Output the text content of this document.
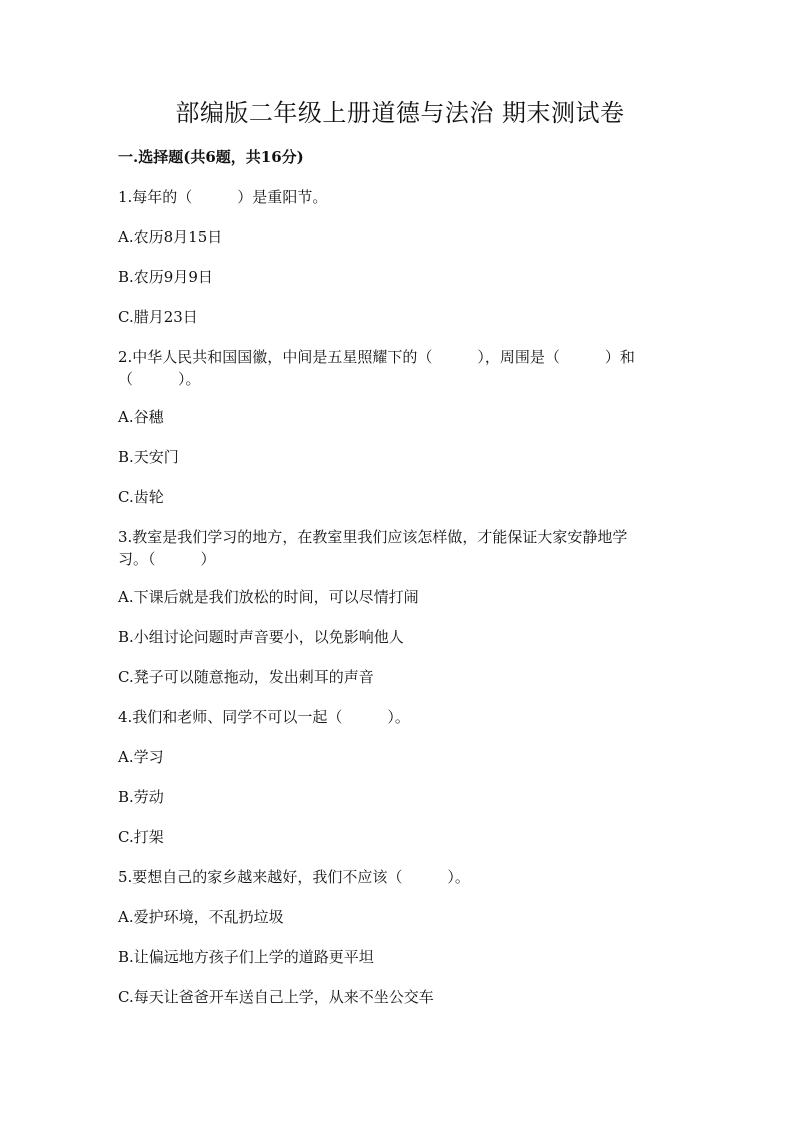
部编版二年级上册道德与法治 期末测试卷
一.选择题(共6题，共16分)
1.每年的（　　　）是重阳节。
A.农历8月15日
B.农历9月9日
C.腊月23日
2.中华人民共和国国徽，中间是五星照耀下的（　　　），周围是（　　　）和
（　　　）。
A.谷穗
B.天安门
C.齿轮
3.教室是我们学习的地方，在教室里我们应该怎样做，才能保证大家安静地学
习。（　　　）
A.下课后就是我们放松的时间，可以尽情打闹
B.小组讨论问题时声音要小，以免影响他人
C.凳子可以随意拖动，发出刺耳的声音
4.我们和老师、同学不可以一起（　　　）。
A.学习
B.劳动
C.打架
5.要想自己的家乡越来越好，我们不应该（　　　）。
A.爱护环境，不乱扔垃圾
B.让偏远地方孩子们上学的道路更平坦
C.每天让爸爸开车送自己上学，从来不坐公交车
